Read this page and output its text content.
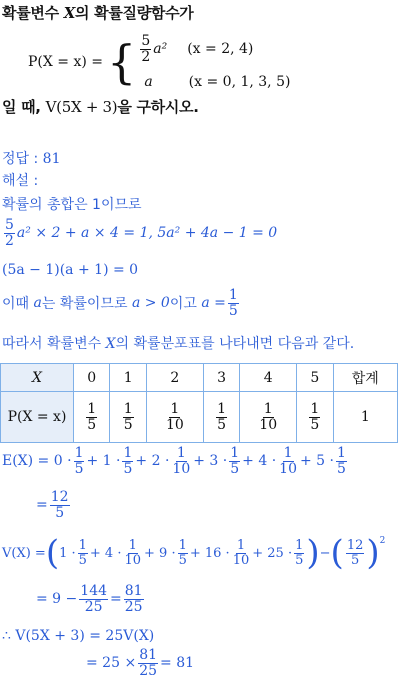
확률변수 X의 확률질량함수가
P(X = x) = { $\frac{5}{2} a^2$ (x = 2, 4)
a	(x = 0, 1, 3, 5)
일 때, V(5X + 3)을 구하시오.
정답 : 81
해설 :
확률의 총합은 1이므로
$\frac{5}{2} a^2 \times 2 + a \times 4 = 1$, 5a² + 4a − 1 = 0
(5a − 1)(a + 1) = 0
이때
a 는 확률이므로
a > 0 이고
$a = \frac{1}{5}$
따라서 확률변수 X의 확률분포표를 나타내면 다음과 같다.
X	0	1	2	3	4	5	합계
P(X = x)	$\frac{1}{5}$	$\frac{1}{5}$	$\frac{1}{10}$	$\frac{1}{5}$	$\frac{1}{10}$	$\frac{1}{5}$	1
E(X) =
$0 \cdot \frac{1}{5} + 1 \cdot \frac{1}{5} + 2 \cdot \frac{1}{10} + 3 \cdot \frac{1}{5} + 4 \cdot \frac{1}{10} + 5 \cdot \frac{1}{5}$
= $\frac{12}{5}$
V(X) = ( $1 \cdot \frac{1}{5} + 4 \cdot \frac{1}{10} + 9 \cdot \frac{1}{5} + 16 \cdot \frac{1}{10} + 25 \cdot \frac{1}{5}$ ) − ( $\frac{12}{5} )^2$
= $9 - \frac{144}{25} = \frac{81}{25}$
∴ V(5X + 3) = 25V(X)
= $25 \times \frac{81}{25} = 81$
